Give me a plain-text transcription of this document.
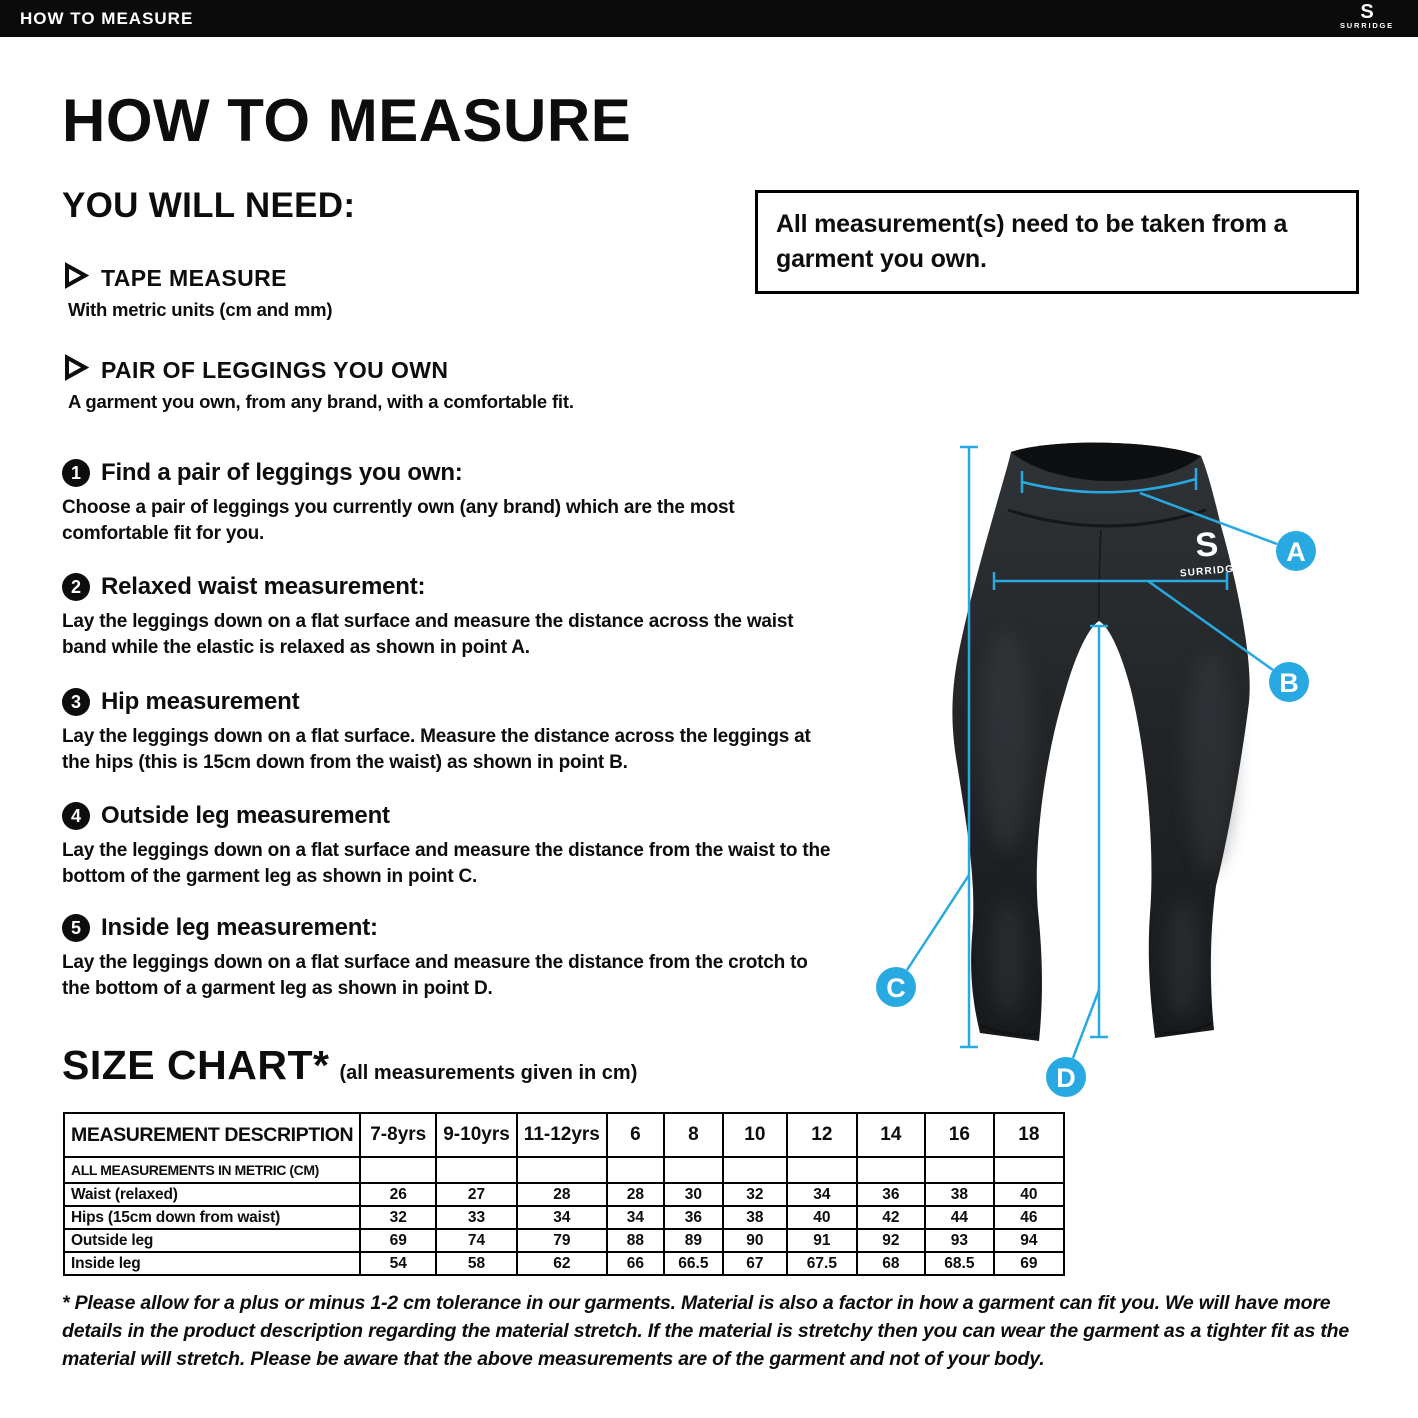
HOW TO MEASURE	S
SURRIDGE
HOW TO MEASURE
YOU WILL NEED:
TAPE MEASURE
With metric units (cm and mm)
PAIR OF LEGGINGS YOU OWN
A garment you own, from any brand, with a comfortable fit.
All measurement(s) need to be taken from a garment you own.
1 Find a pair of leggings you own:
Choose a pair of leggings you currently own (any brand) which are the most comfortable fit for you.
2 Relaxed waist measurement:
Lay the leggings down on a flat surface and measure the distance across the waist band while the elastic is relaxed as shown in point A.
3 Hip measurement
Lay the leggings down on a flat surface. Measure the distance across the leggings at the hips (this is 15cm down from the waist) as shown in point B.
4 Outside leg measurement
Lay the leggings down on a flat surface and measure the distance from the waist to the bottom of the garment leg as shown in point C.
5 Inside leg measurement:
Lay the leggings down on a flat surface and measure the distance from the crotch to the bottom of a garment leg as shown in point D.
SIZE CHART* (all measurements given in cm)
MEASUREMENT DESCRIPTION	7-8yrs	9-10yrs	11-12yrs	6	8	10	12	14	16	18
ALL MEASUREMENTS IN METRIC (CM)										
Waist (relaxed)	26	27	28	28	30	32	34	36	38	40
Hips (15cm down from waist)	32	33	34	34	36	38	40	42	44	46
Outside leg	69	74	79	88	89	90	91	92	93	94
Inside leg	54	58	62	66	66.5	67	67.5	68	68.5	69
* Please allow for a plus or minus 1-2 cm tolerance in our garments. Material is also a factor in how a garment can fit you. We will have more details in the product description regarding the material stretch. If the material is stretchy then you can wear the garment as a tighter fit as the material will stretch. Please be aware that the above measurements are of the garment and not of your body.
S
SURRIDGE
A
B
C
D
